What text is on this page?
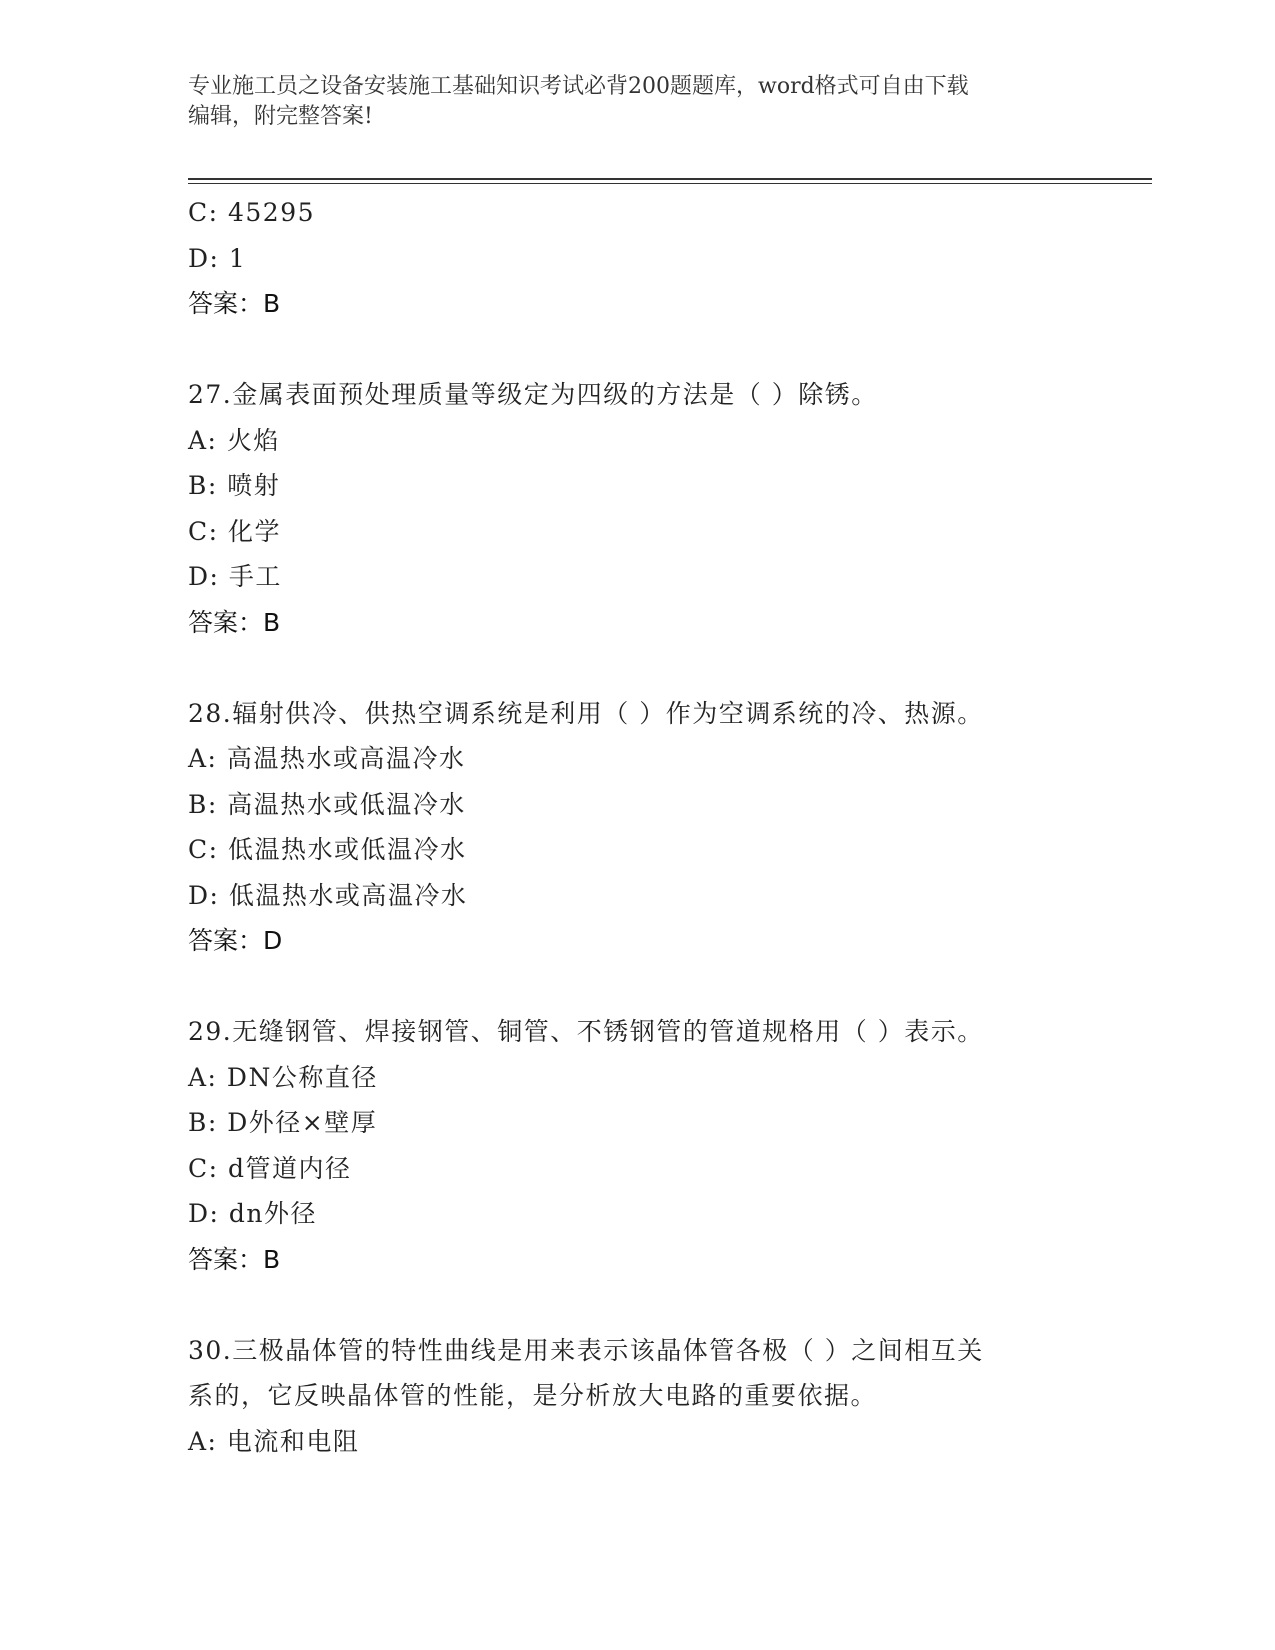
专业施工员之设备安装施工基础知识考试必背200题题库，word格式可自由下载
编辑，附完整答案!
C: 45295
D: 1
答案：B
27.金属表面预处理质量等级定为四级的方法是（ ）除锈。
A: 火焰
B: 喷射
C: 化学
D: 手工
答案：B
28.辐射供冷、供热空调系统是利用（ ）作为空调系统的冷、热源。
A: 高温热水或高温冷水
B: 高温热水或低温冷水
C: 低温热水或低温冷水
D: 低温热水或高温冷水
答案：D
29.无缝钢管、焊接钢管、铜管、不锈钢管的管道规格用（ ）表示。
A: DN公称直径
B: D外径×壁厚
C: d管道内径
D: dn外径
答案：B
30.三极晶体管的特性曲线是用来表示该晶体管各极（ ）之间相互关
系的，它反映晶体管的性能，是分析放大电路的重要依据。
A: 电流和电阻
